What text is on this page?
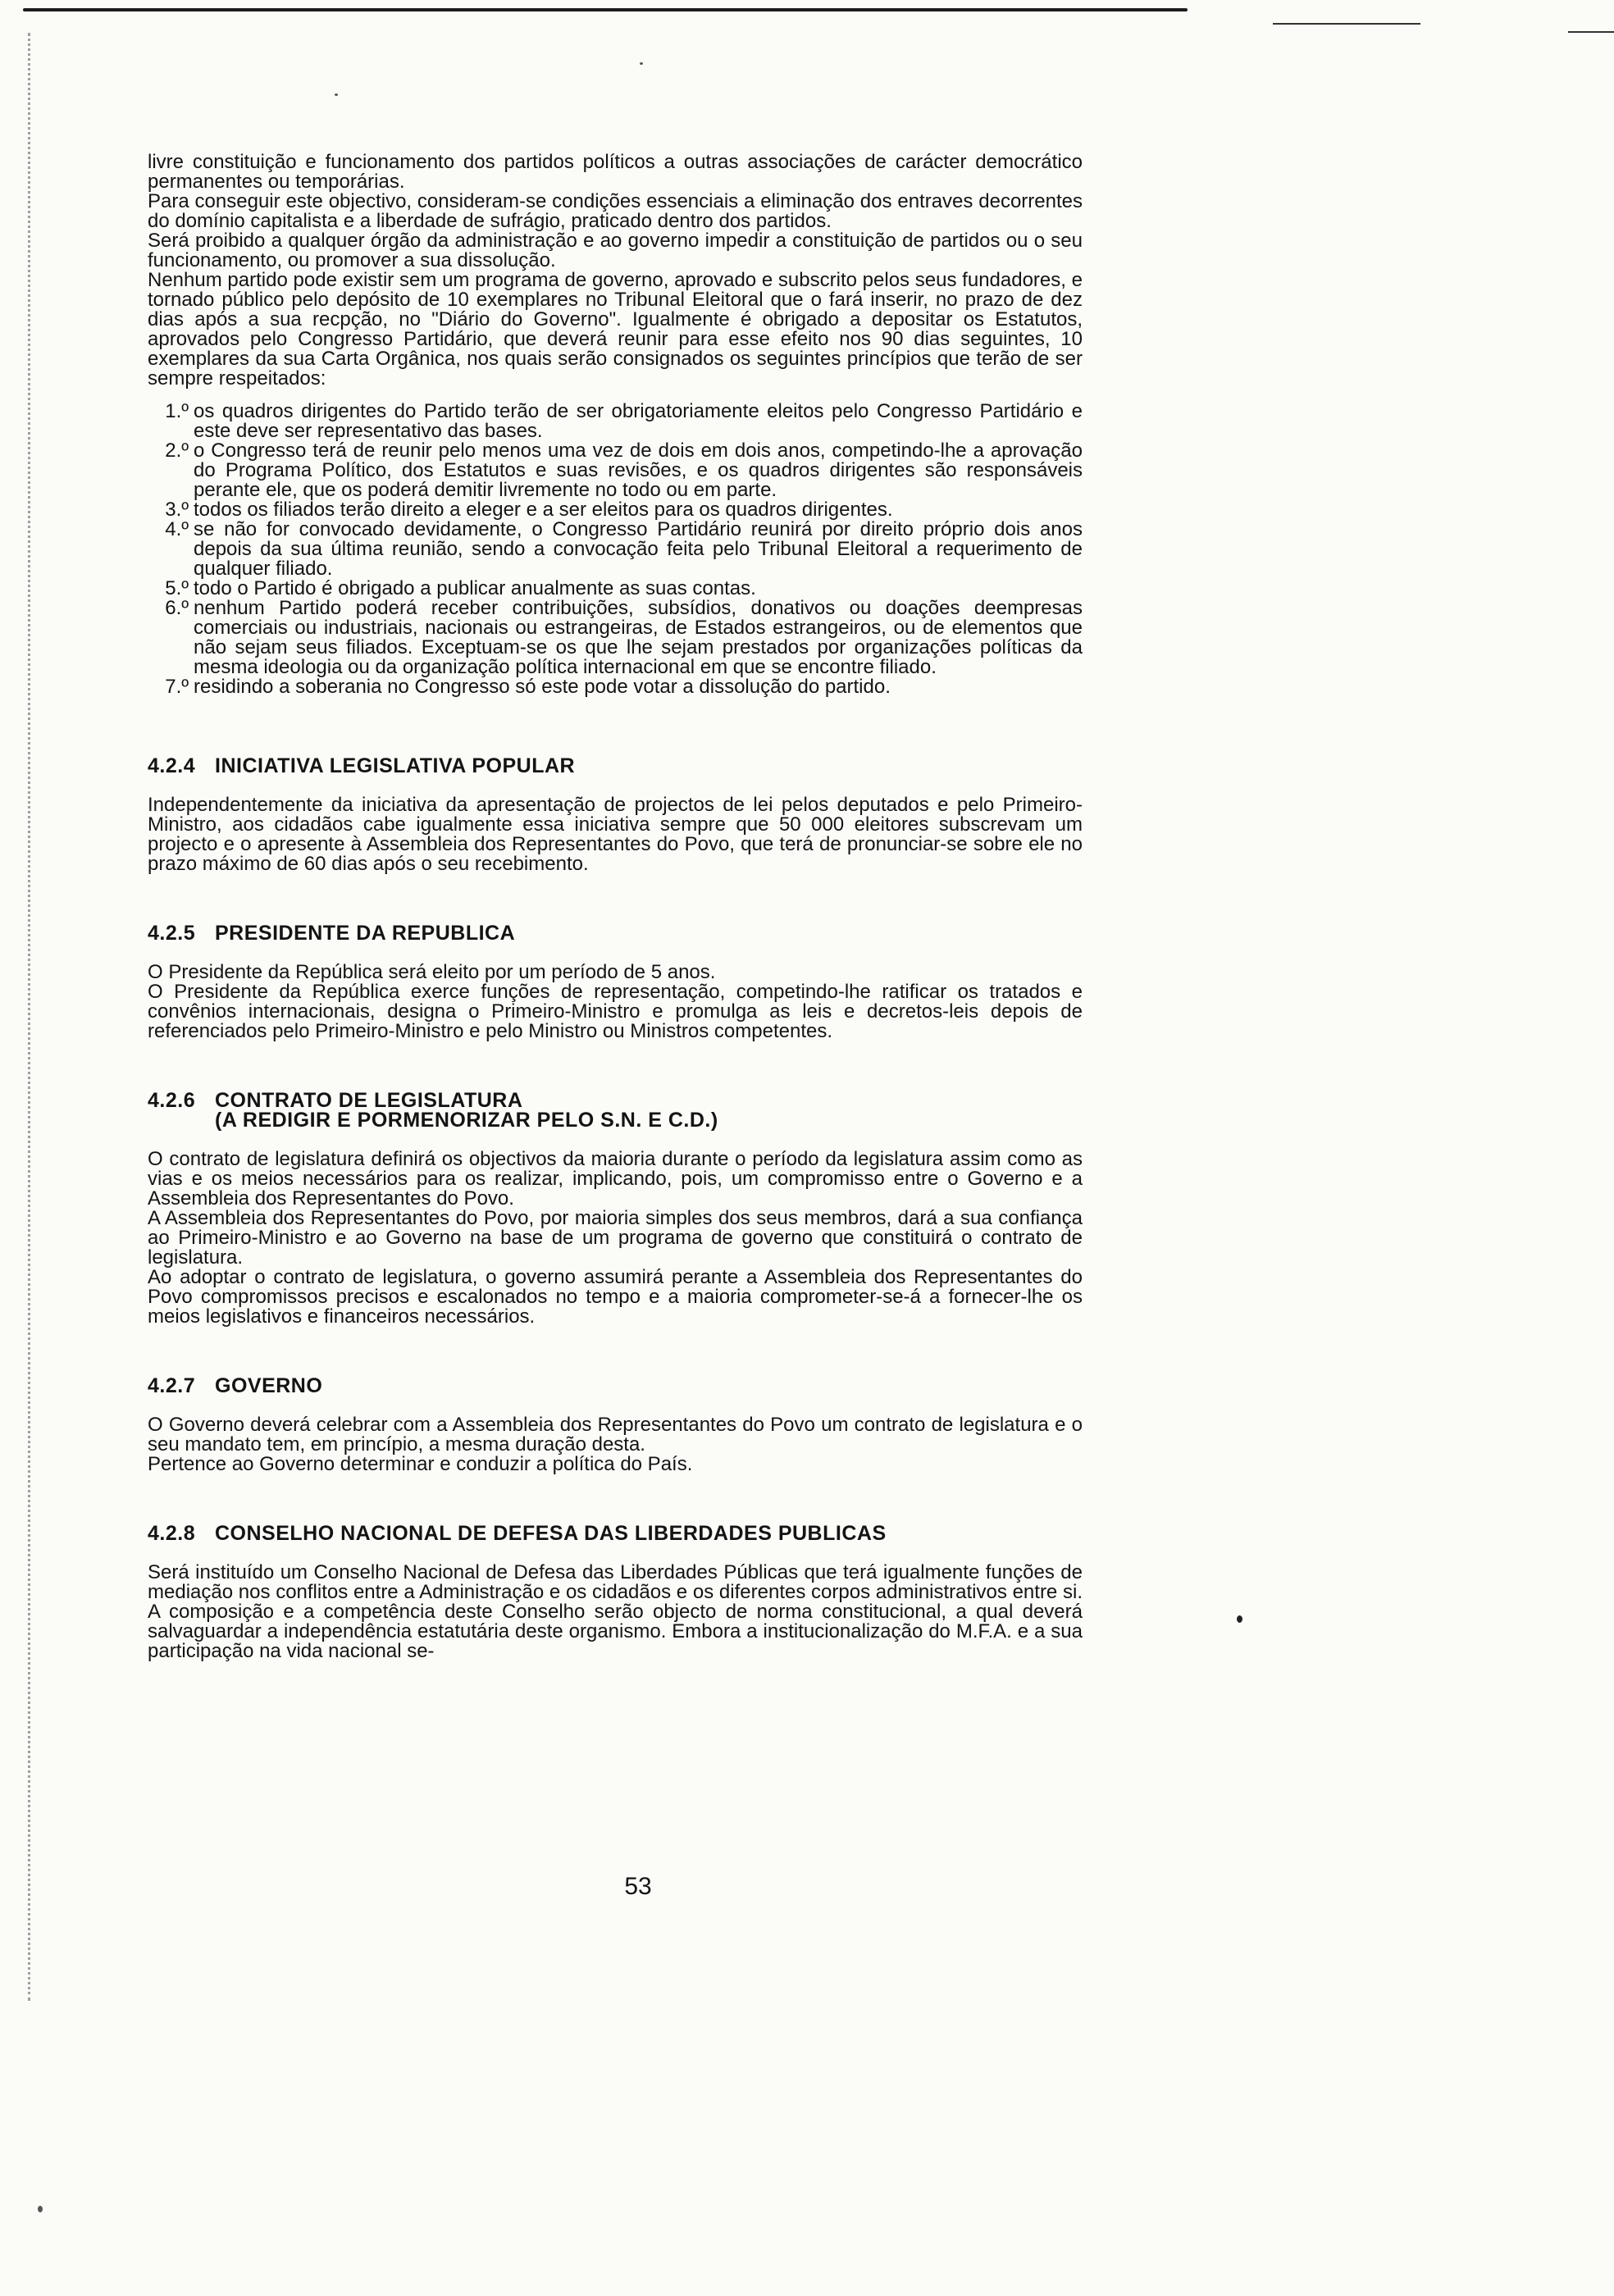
livre constituição e funcionamento dos partidos políticos a outras associações de carácter democrático permanentes ou temporárias.

Para conseguir este objectivo, consideram-se condições essenciais a eliminação dos entraves decorrentes do domínio capitalista e a liberdade de sufrágio, praticado dentro dos partidos.

Será proibido a qualquer órgão da administração e ao governo impedir a constituição de partidos ou o seu funcionamento, ou promover a sua dissolução.

Nenhum partido pode existir sem um programa de governo, aprovado e subscrito pelos seus fundadores, e tornado público pelo depósito de 10 exemplares no Tribunal Eleitoral que o fará inserir, no prazo de dez dias após a sua recpção, no "Diário do Governo". Igualmente é obrigado a depositar os Estatutos, aprovados pelo Congresso Partidário, que deverá reunir para esse efeito nos 90 dias seguintes, 10 exemplares da sua Carta Orgânica, nos quais serão consignados os seguintes princípios que terão de ser sempre respeitados:

1.º os quadros dirigentes do Partido terão de ser obrigatoriamente eleitos pelo Congresso Partidário e este deve ser representativo das bases.
2.º o Congresso terá de reunir pelo menos uma vez de dois em dois anos, competindo-lhe a aprovação do Programa Político, dos Estatutos e suas revisões, e os quadros dirigentes são responsáveis perante ele, que os poderá demitir livremente no todo ou em parte.
3.º todos os filiados terão direito a eleger e a ser eleitos para os quadros dirigentes.
4.º se não for convocado devidamente, o Congresso Partidário reunirá por direito próprio dois anos depois da sua última reunião, sendo a convocação feita pelo Tribunal Eleitoral a requerimento de qualquer filiado.
5.º todo o Partido é obrigado a publicar anualmente as suas contas.
6.º nenhum Partido poderá receber contribuições, subsídios, donativos ou doações deempresas comerciais ou industriais, nacionais ou estrangeiras, de Estados estrangeiros, ou de elementos que não sejam seus filiados. Exceptuam-se os que lhe sejam prestados por organizações políticas da mesma ideologia ou da organização política internacional em que se encontre filiado.
7.º residindo a soberania no Congresso só este pode votar a dissolução do partido.
4.2.4 INICIATIVA LEGISLATIVA POPULAR

Independentemente da iniciativa da apresentação de projectos de lei pelos deputados e pelo Primeiro-Ministro, aos cidadãos cabe igualmente essa iniciativa sempre que 50 000 eleitores subscrevam um projecto e o apresente à Assembleia dos Representantes do Povo, que terá de pronunciar-se sobre ele no prazo máximo de 60 dias após o seu recebimento.

4.2.5 PRESIDENTE DA REPUBLICA

O Presidente da República será eleito por um período de 5 anos.

O Presidente da República exerce funções de representação, competindo-lhe ratificar os tratados e convênios internacionais, designa o Primeiro-Ministro e promulga as leis e decretos-leis depois de referenciados pelo Primeiro-Ministro e pelo Ministro ou Ministros competentes.

4.2.6 CONTRATO DE LEGISLATURA
(A REDIGIR E PORMENORIZAR PELO S.N. E C.D.)

O contrato de legislatura definirá os objectivos da maioria durante o período da legislatura assim como as vias e os meios necessários para os realizar, implicando, pois, um compromisso entre o Governo e a Assembleia dos Representantes do Povo.

A Assembleia dos Representantes do Povo, por maioria simples dos seus membros, dará a sua confiança ao Primeiro-Ministro e ao Governo na base de um programa de governo que constituirá o contrato de legislatura.

Ao adoptar o contrato de legislatura, o governo assumirá perante a Assembleia dos Representantes do Povo compromissos precisos e escalonados no tempo e a maioria comprometer-se-á a fornecer-lhe os meios legislativos e financeiros necessários.

4.2.7 GOVERNO

O Governo deverá celebrar com a Assembleia dos Representantes do Povo um contrato de legislatura e o seu mandato tem, em princípio, a mesma duração desta.

Pertence ao Governo determinar e conduzir a política do País.

4.2.8 CONSELHO NACIONAL DE DEFESA DAS LIBERDADES PUBLICAS

Será instituído um Conselho Nacional de Defesa das Liberdades Públicas que terá igualmente funções de mediação nos conflitos entre a Administração e os cidadãos e os diferentes corpos administrativos entre si. A composição e a competência deste Conselho serão objecto de norma constitucional, a qual deverá salvaguardar a independência estatutária deste organismo. Embora a institucionalização do M.F.A. e a sua participação na vida nacional se-

53
